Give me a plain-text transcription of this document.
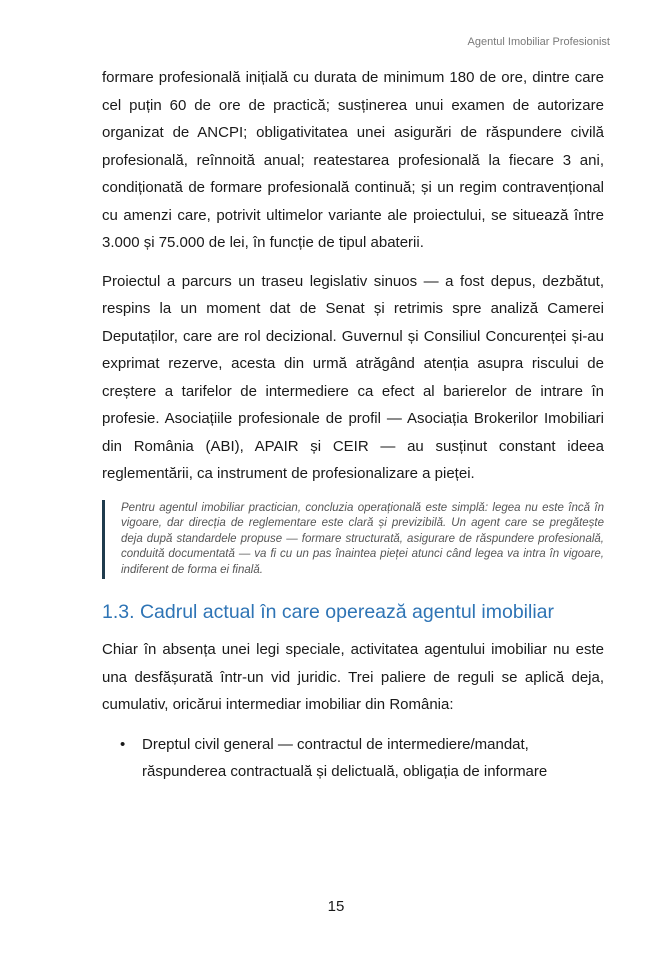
Agentul Imobiliar Profesionist

formare profesională inițială cu durata de minimum 180 de ore, dintre care cel puțin 60 de ore de practică; susținerea unui examen de autorizare organizat de ANCPI; obligativitatea unei asigurări de răspundere civilă profesională, reînnoită anual; reatestarea profesională la fiecare 3 ani, condiționată de formare profesională continuă; și un regim contravențional cu amenzi care, potrivit ultimelor variante ale proiectului, se situează între 3.000 și 75.000 de lei, în funcție de tipul abaterii.

Proiectul a parcurs un traseu legislativ sinuos — a fost depus, dezbătut, respins la un moment dat de Senat și retrimis spre analiză Camerei Deputaților, care are rol decizional. Guvernul și Consiliul Concurenței și-au exprimat rezerve, acesta din urmă atrăgând atenția asupra riscului de creștere a tarifelor de intermediere ca efect al barierelor de intrare în profesie. Asociațiile profesionale de profil — Asociația Brokerilor Imobiliari din România (ABI), APAIR și CEIR — au susținut constant ideea reglementării, ca instrument de profesionalizare a pieței.

Pentru agentul imobiliar practician, concluzia operațională este simplă: legea nu este încă în vigoare, dar direcția de reglementare este clară și previzibilă. Un agent care se pregătește deja după standardele propuse — formare structurată, asigurare de răspundere profesională, conduită documentată — va fi cu un pas înaintea pieței atunci când legea va intra în vigoare, indiferent de forma ei finală.

1.3. Cadrul actual în care operează agentul imobiliar

Chiar în absența unei legi speciale, activitatea agentului imobiliar nu este una desfășurată într-un vid juridic. Trei paliere de reguli se aplică deja, cumulativ, oricărui intermediar imobiliar din România:

• Dreptul civil general — contractul de intermediere/mandat,
răspunderea contractuală și delictuală, obligația de informare
15
